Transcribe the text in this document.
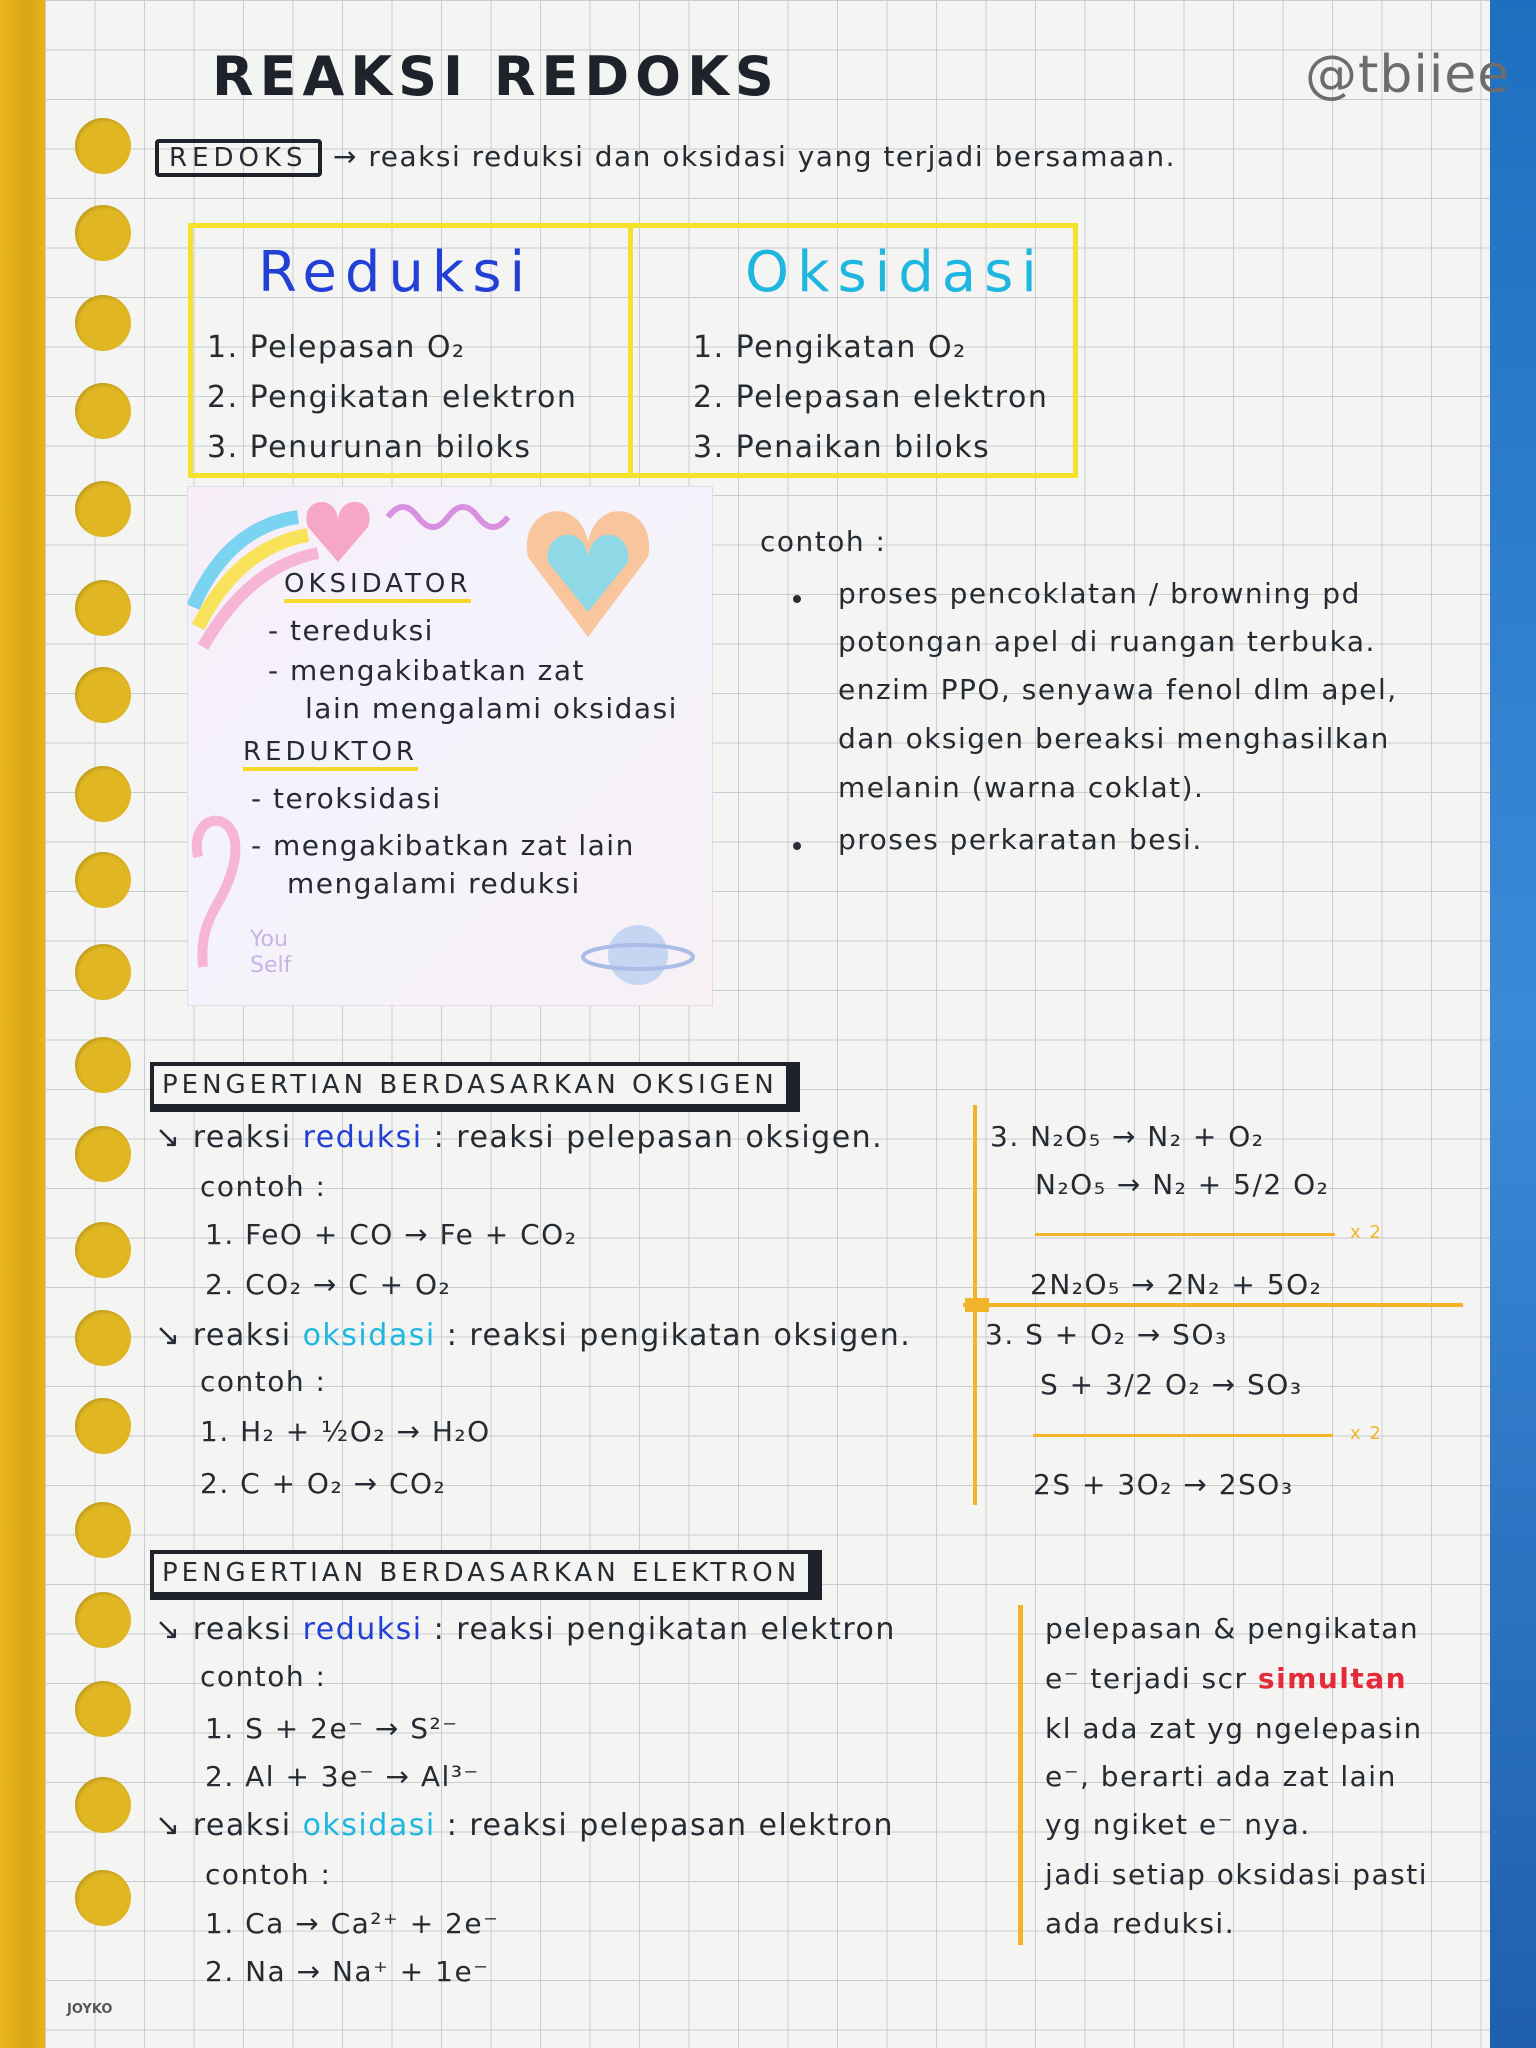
REAKSI REDOKS	@tbiiee
REDOKS → reaksi reduksi dan oksidasi yang terjadi bersamaan.
Reduksi
1. Pelepasan O₂
2. Pengikatan elektron
3. Penurunan biloks
Oksidasi
1. Pengikatan O₂
2. Pelepasan elektron
3. Penaikan biloks
You
Self
OKSIDATOR
- tereduksi
- mengakibatkan zat
lain mengalami oksidasi
REDUKTOR
- teroksidasi
- mengakibatkan zat lain
mengalami reduksi
contoh :
proses pencoklatan / browning pd
potongan apel di ruangan terbuka.
enzim PPO, senyawa fenol dlm apel,
dan oksigen bereaksi menghasilkan
melanin (warna coklat).
proses perkaratan besi.
PENGERTIAN BERDASARKAN OKSIGEN
↘ reaksi reduksi : reaksi pelepasan oksigen.
contoh :
1. FeO + CO → Fe + CO₂
2. CO₂ → C + O₂
↘ reaksi oksidasi : reaksi pengikatan oksigen.
contoh :
1. H₂ + ½O₂ → H₂O
2. C + O₂ → CO₂
3. N₂O₅ → N₂ + O₂
N₂O₅ → N₂ + 5/2 O₂
x 2
2N₂O₅ → 2N₂ + 5O₂
3. S + O₂ → SO₃
S + 3/2 O₂ → SO₃
x 2
2S + 3O₂ → 2SO₃
PENGERTIAN BERDASARKAN ELEKTRON
↘ reaksi reduksi : reaksi pengikatan elektron
contoh :
1. S + 2e⁻ → S²⁻
2. Al + 3e⁻ → Al³⁻
↘ reaksi oksidasi : reaksi pelepasan elektron
contoh :
1. Ca → Ca²⁺ + 2e⁻
2. Na → Na⁺ + 1e⁻
pelepasan & pengikatan
e⁻ terjadi scr simultan
kl ada zat yg ngelepasin
e⁻, berarti ada zat lain
yg ngiket e⁻ nya.
jadi setiap oksidasi pasti
ada reduksi.
JOYKO
